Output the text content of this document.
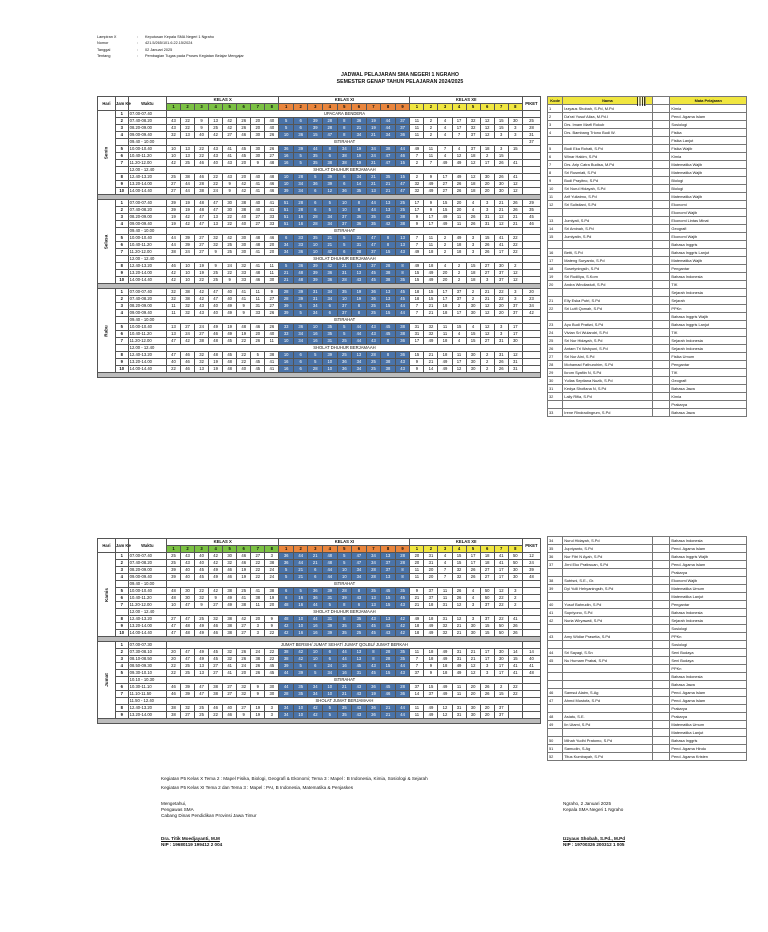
Lampiran X	:	Keputusan Kepala SMA Negeri 1 Ngraho
Nomor	:	421.5/265/101.6.22.15/2024
Tanggal	:	02 Januari 2025
Tentang	:	Pembagian Tugas pada Proses Kegiatan Belajar Mengajar
JADWAL PELAJARAN SMA NEGERI 1 NGRAHO
SEMESTER GENAP TAHUN PELAJARAN 2024/2025
Hari	Jam Ke	Waktu	KELAS X								KELAS XI									KELAS XII								PIKET
			1	2	3	4	5	6	7	8	1	2	3	4	5	6	7	8	9	1	2	3	4	5	6	7	8	
Senin	1	07.00-07.40	UPACARA BENDERA																									
	2	07.40-08.20	43	22	9	13	42	26	20	40	5	6	39	28	8	36	19	44	37	11	2	4	17	32	12	15	30	25
	3	08.20-09.00	43	22	9	25	42	26	20	40	5	6	39	28	8	21	19	44	37	11	2	4	17	32	12	15	3	28
	4	09.00-09.40	32	13	40	42	27	46	30	26	10	36	15	47	8	34	21	34	36	11	2	4	7	37	12	3	3	31
		09.40 - 10.00	ISTIRAHAT																									37
	5	10.00-10.40	10	13	22	43	41	45	30	26	36	39	44	8	34	19	34	38	44	49	11	7	4	37	18	3	15	
	6	10.40-11.20	10	13	22	43	41	45	30	27	16	5	35	6	38	19	24	47	46	7	11	4	12	18	2	15		
	7	11.20-12.00	42	25	46	40	43	20	9	48	16	5	35	38	38	19	21	47	15	2	7	49	49	12	17	26	41	
		12.00 - 12.40	SHOLAT DHUHUR BERJAMAAH																									
	8	12.40-13.20	25	38	46	22	43	20	40	48	10	28	5	39	6	34	21	35	15	2	9	17	49	12	30	26	41	
	9	13.20-14.00	27	44	28	22	9	42	41	46	10	34	36	39	6	14	21	21	47	32	49	27	26	18	20	30	12	
	10	14.00-14.40	27	44	38	24	9	42	41	46	39	34	6	12	36	35	13	21	47	32	49	27	26	18	20	30	12	

Selasa	1	07.00-07.40	39	19	48	47	30	38	40	41	51	28	6	5	10	8	44	13	25	17	9	15	20	4	3	21	26	29
	2	07.40-08.20	39	19	48	47	30	38	40	41	51	28	6	5	10	8	44	13	25	17	9	15	20	4	3	21	26	35
	3	08.20-09.00	19	42	47	13	22	40	27	33	51	16	28	34	37	36	35	42	38	9	17	49	11	26	31	12	21	45
	4	09.00-09.40	19	42	47	13	22	40	27	33	51	16	28	34	37	36	35	42	38	9	17	49	11	26	31	12	21	46
		09.40 - 10.00	ISTIRAHAT																									
	5	10.00-10.40	44	39	27	32	42	30	48	46	6	33	35	21	5	31	47	8	13	7	11	2	49	3	15	41	22	
	6	10.40-11.20	44	39	27	32	25	30	48	20	34	33	10	21	5	31	47	8	13	7	11	2	18	3	26	41	22	
	7	11.20-12.00	38	24	27	9	25	30	41	20	34	36	10	42	6	28	37	15	43	49	18	2	18	3	26	17	22	
		12.00 - 12.40	SHOLAT DHUHUR BERJAMAAH																									
	8	12.40-13.20	46	10	19	9	24	32	41	11	5	36	39	42	21	13	37	28	8	49	18	4	2	15	27	30	2	
	9	13.20-14.00	42	10	19	25	22	33	48	11	21	48	39	36	31	13	45	38	8	15	49	20	2	18	27	37	12	
	10	14.00-14.40	42	10	22	25	9	33	46	30	21	48	39	36	28	43	45	38	35	15	49	20	2	18	3	37	12	

Rabu	1	07.00-07.40	32	38	42	47	40	41	11	9	28	39	31	34	35	19	36	13	45	18	15	17	37	2	21	22	3	20
	2	07.40-08.20	32	38	42	47	40	41	11	27	28	39	31	34	10	19	36	13	45	18	15	17	37	2	21	22	3	23
	3	08.20-09.00	11	32	43	40	49	9	31	27	39	5	34	6	37	8	25	15	44	7	21	18	2	30	12	20	37	34
	4	09.00-09.40	11	32	43	40	49	9	33	26	39	5	34	6	37	8	25	15	44	7	21	18	17	30	12	20	37	42
		09.40 - 10.00	ISTIRAHAT																									
	5	10.00-10.40	13	27	24	49	19	48	46	26	33	36	10	35	5	44	43	45	38	31	32	11	15	4	12	3	17	
	6	10.40-11.20	13	24	27	46	49	19	20	40	33	34	16	35	5	44	43	45	38	31	32	11	4	15	12	3	17	
	7	11.20-12.00	47	42	38	48	45	22	26	11	10	34	16	31	25	44	43	8	36	17	49	18	4	15	27	31	30	
		12.00 - 12.40	SHOLAT DHUHUR BERJAMAAH																									
	8	12.40-13.20	47	46	32	48	45	22	5	38	10	6	5	39	25	13	28	8	36	15	21	18	11	30	2	31	12	
	9	13.20-14.00	40	46	32	19	48	22	45	41	16	6	5	10	36	34	25	38	43	9	21	49	17	30	2	26	31	
	10	14.00-14.40	22	46	13	19	48	40	45	41	16	6	28	10	36	34	25	38	43	9	14	49	12	30	2	26	31	

Hari	Jam Ke	Waktu	KELAS X								KELAS XI									KELAS XII								PIKET
			1	2	3	4	5	6	7	8	1	2	3	4	5	6	7	8	9	1	2	3	4	5	6	7	8	
Kamis	1	07.00-07.40	25	43	40	42	30	46	27	3	36	44	21	48	5	47	34	13	28	20	31	4	15	17	18	41	50	12
	2	07.40-08.20	25	43	40	42	32	46	22	38	36	44	21	48	5	47	34	37	28	20	31	4	15	17	18	41	50	24
	3	08.20-09.00	39	40	45	49	46	19	22	24	5	21	6	44	10	34	28	37	8	11	20	7	32	26	27	17	30	39
	4	09.00-09.40	39	40	45	49	46	19	22	24	5	21	6	44	10	34	28	13	8	11	20	7	32	26	27	17	30	48
		09.40 - 10.00	ISTIRAHAT																									
	5	10.00-10.40	48	30	22	42	38	25	41	38	6	5	36	39	28	8	35	45	35	9	37	11	26	4	50	12	3	
	6	10.40-11.20	48	30	32	9	49	41	38	19	6	16	36	31	39	43	13	15	45	21	37	11	26	4	50	22	2	
	7	11.20-12.00	10	47	9	27	49	38	11	20	48	16	44	5	8	6	13	15	43	21	18	31	12	3	37	22	2	
		12.00 - 12.40	SHOLAT DHUHUR BERJAMAAH																									
	8	12.40-13.20	27	47	25	32	38	42	20	9	48	10	44	31	8	35	43	13	42	49	18	31	12	3	37	22	41	
	9	13.20-14.00	47	48	49	46	38	27	3	9	42	10	16	39	35	25	45	43	42	18	49	32	21	30	15	50	26	
	10	14.00-14.40	47	48	49	46	38	27	3	22	42	16	16	39	35	25	45	43	42	18	49	32	21	30	15	50	26	

Jumat	1	07.00-07.30	JUMAT BERSIH/ JUMAT SEHAT/ JUMAT QOLBU/ JUMAT BERKAH																									
	2	07.30-08.10	20	47	49	45	32	26	24	22	38	42	10	6	44	13	8	28	35	11	18	49	31	21	17	30	14	14
	3	08.10-08.50	20	47	49	45	32	26	38	22	38	42	10	6	44	13	8	28	35	7	18	49	31	21	17	30	15	40
	4	08.50-09.30	22	25	13	27	41	24	26	45	39	5	6	24	16	45	43	15	44	7	9	18	49	12	3	17	41	41
	5	09.30-10.10	22	25	13	27	41	20	26	45	44	39	5	34	16	31	45	15	43	37	9	18	49	12	3	17	41	48
		10.10 - 10.30	ISTIRAHAT																									
	6	10.30-11.10	46	39	47	38	27	32	9	30	44	35	34	10	21	43	36	45	28	37	15	49	11	20	26	2	22	
	7	11.10-11.50	46	39	47	38	27	32	9	30	28	35	34	10	21	43	19	46	36	14	37	49	11	20	26	15	22	
		11.50 - 12.40	SHOLAT JUMAT BERJAMAAH																									
	8	12.40-13.20	38	32	25	46	40	27	19	3	34	10	42	5	35	43	36	21	44	11	49	12	31	30	20	37		
	9	13.20-14.00	38	27	25	22	46	9	19	3	34	10	42	5	35	43	36	21	44	11	49	12	31	30	20	37		

Kode	Nama		Mata Pelajaran
1	Izzyaus Shobah, S.Pd, M.Pd		Kimia
2	Da'rat Yusuf Aliza, M.Pd.I		Pend. Agama Islam
3	Drs. Imam Marfi Rokub		Sosiologi
4	Drs. Bambang Triono Budi W.		Fisika
			Fisika Lanjut
5	Budi Eka Rohati, S.Pd		Fisika Wajib
6	Winar Hakim, S.Pd		Kimia
7	Drs. Arip Catra Budisa, M.Pd		Matematika Wajib
8	Sri Rusmiati, S.Pd		Matematika Wajib
9	Budi Prayitno, S.Pd		Biologi
10	Sri Nurul Hidayah, S.Pd		Biologi
11	Arif Yuliatmo, S.Pd		Matematika Wajib
12	Sri Sulistiani, S.Pd		Ekonomi
			Ekonomi Wajib
13	Jumiyati, S.Pd		Ekonomi Lintas Minat
14	Sri Aminah, S.Pd		Geografi
15	Jumiyatin, S.Pd		Ekonomi Wajib
			Bahasa Inggris
16	Betti, S.Pd		Bahasa Inggris Lanjut
17	Mateng Suryanto, S.Pd		Matematika Wajib
18	Susetyningsih, S.Pd		Pengantar
19	Sri Rudiliya, S.Kom		Bahasa Indonesia
20	Andra Windiastuti, S.Pd		TIK
			Sejarah Indonesia
21	Elly Eska Putri, S.Pd		Sejarah
22	Sri Lutfi Qomah, S.Pd		PPKn
			Bahasa Inggris Wajib
23	Ayu Budi Pratiwi, S.Pd		Bahasa Inggris Lanjut
24	Vivian Sri Wulandri, S.Pd		TIK
25	Sri Nur Hidayah, S.Pd		Sejarah Indonesia
26	Antam Tri Wahyuni, S.Pd		Sejarah Indonesia
27	Sri Nur Aini, S.Pd		Fisika Umum
28	Mohamad Fathurohim, S.Pd		Pengantar
29	Ikrom Syafiin N, S.Pd		TIK
30	Yulias Septiana Nuzik, S.Pd		Geografi
31	Kedya Shofiana N, S.Pd		Bahasa Jawa
32	Laily Rifia, S.Pd		Kimia
			Prakarya
33	Irene Rindradingrum, S.Pd		Bahasa Jawa
34	Nurul Hidayah, S.Pd		Bahasa Indonesia
35	Jupriyanto, S.Pd		Pend. Agama Islam
36	Nur Fitri N Ayah, S.Pd		Bahasa Inggris Wajib
37	Jirni Eko Pratiwuan, S.Pd		Pend. Agama Islam
			Prakarya
38	Sutrisni, S.E., Gr.		Ekonomi Wajib
39	Dyi Yulli Hehyaningsih, S.Pd		Matematika Umum
			Matematika Lanjut
40	Yusuf Bahrudin, S.Pd		Pengantar
41	Supriyono, S.Pd		Bahasa Indonesia
42	Nuria Wiryawati, S.Pd		Sejarah Indonesia
			Sosiologi
43	Amy Widiar Prasetia, S.Pd		PPKn
			Sosiologi
44	Sri Sayagi, S.Sn		Seni Budaya
45	Nu Humam Prabai, S.Pd		Seni Budaya
			PPKn
			Bahasa Indonesia
			Bahasa Jawa
46	Samsul Alaim, S.Ag		Pend. Agama Islam
47	Ahmd Mustofa, S.Pd		Pend. Agama Islam
			Prakarya
48	Asiatu, S.E.		Prakarya
49	Iin Utami, S.Pd		Matematika Umum
			Matematika Lanjut
50	Mihah Yudhi Pratomo, S.Pd		Bahasa Inggris
51	Samudin, S.Ag		Pend. Agama Hindu
52	Titus Kumbayah, S.Pd		Pend. Agama Kristen
Kegiatan P5 Kelas X Tema 2 : Mapel Fisika, Biologi, Geografi & Ekonomi; Tema 3 : Mapel : B Indonesia, Kimia, Sosiologi & Sejarah
Kegiatan P5 Kelas XI Tema 2 dan Tema 3 : Mapel : PAI, B Indonesia, Matematika & Penjaskes
Mengetahui,
Pengawas SMA
Cabang Dinas Pendidikan Provinsi Jawa Timur
Dra. Titik Moedjayanti, M.M
NIP : 19680119 199412 2 004
Ngraho, 2 Januari 2025
Kepala SMA Negeri 1 Ngraho
Izzyaus Shobah, S.Pd., M.Pd
NIP : 19700326 200312 1 005
